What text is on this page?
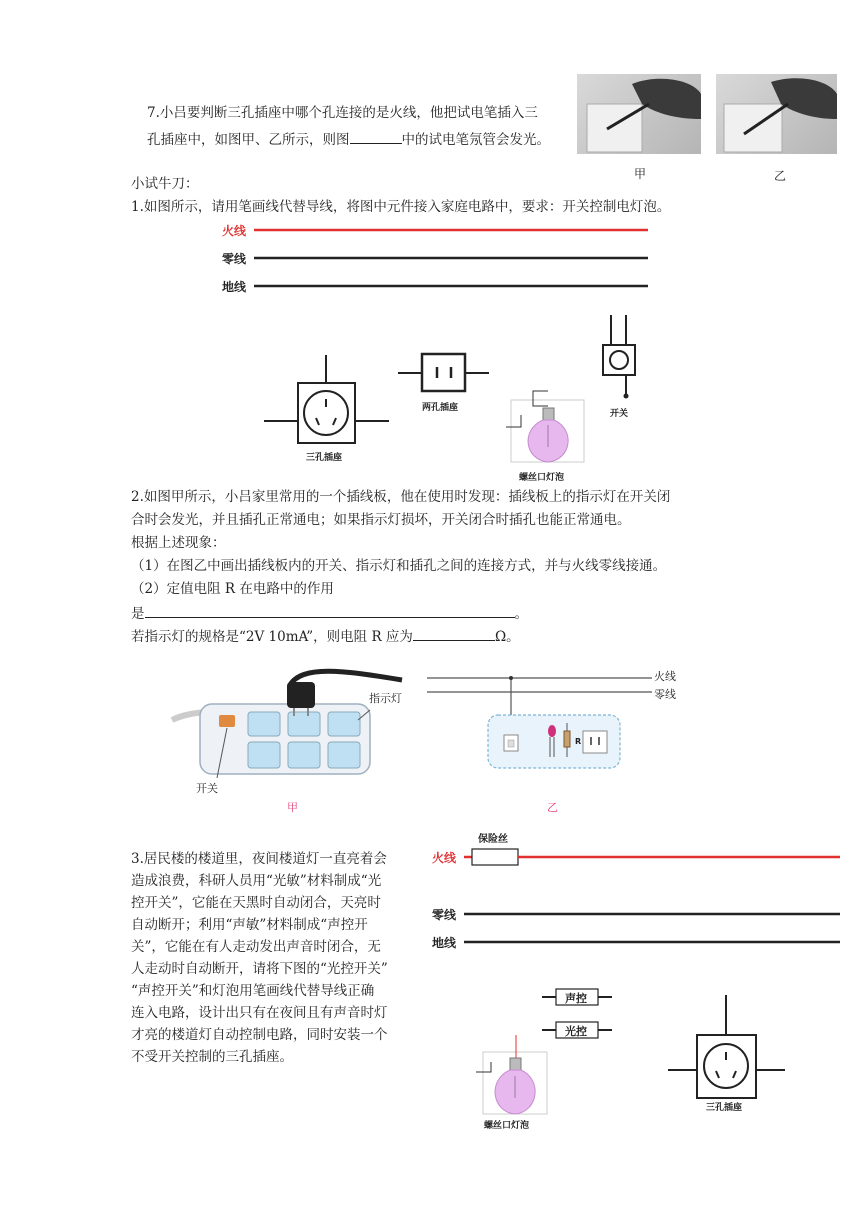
7.小吕要判断三孔插座中哪个孔连接的是火线，他把试电笔插入三
孔插座中，如图甲、乙所示，则图	中的试电笔氖管会发光。
甲	乙
小试牛刀：
1.如图所示，请用笔画线代替导线，将图中元件接入家庭电路中，要求：开关控制电灯泡。
火线
零线
地线
三孔插座
两孔插座
螺丝口灯泡
开关
2.如图甲所示，小吕家里常用的一个插线板，他在使用时发现：插线板上的指示灯在开关闭
合时会发光，并且插孔正常通电；如果指示灯损坏，开关闭合时插孔也能正常通电。
根据上述现象：
（1）在图乙中画出插线板内的开关、指示灯和插孔之间的连接方式，并与火线零线接通。
（2）定值电阻 R 在电路中的作用
是	。
若指示灯的规格是“2V 10mA”，则电阻 R 应为	Ω。
指示灯
开关
甲
火线
零线
R
乙
3.居民楼的楼道里，夜间楼道灯一直亮着会
造成浪费，科研人员用“光敏”材料制成“光
控开关”，它能在天黑时自动闭合，天亮时
自动断开；利用“声敏”材料制成“声控开
关”，它能在有人走动发出声音时闭合，无
人走动时自动断开，请将下图的“光控开关”
“声控开关”和灯泡用笔画线代替导线正确
连入电路，设计出只有在夜间且有声音时灯
才亮的楼道灯自动控制电路，同时安装一个
不受开关控制的三孔插座。
保险丝
火线
零线
地线
声控
光控
螺丝口灯泡
三孔插座
